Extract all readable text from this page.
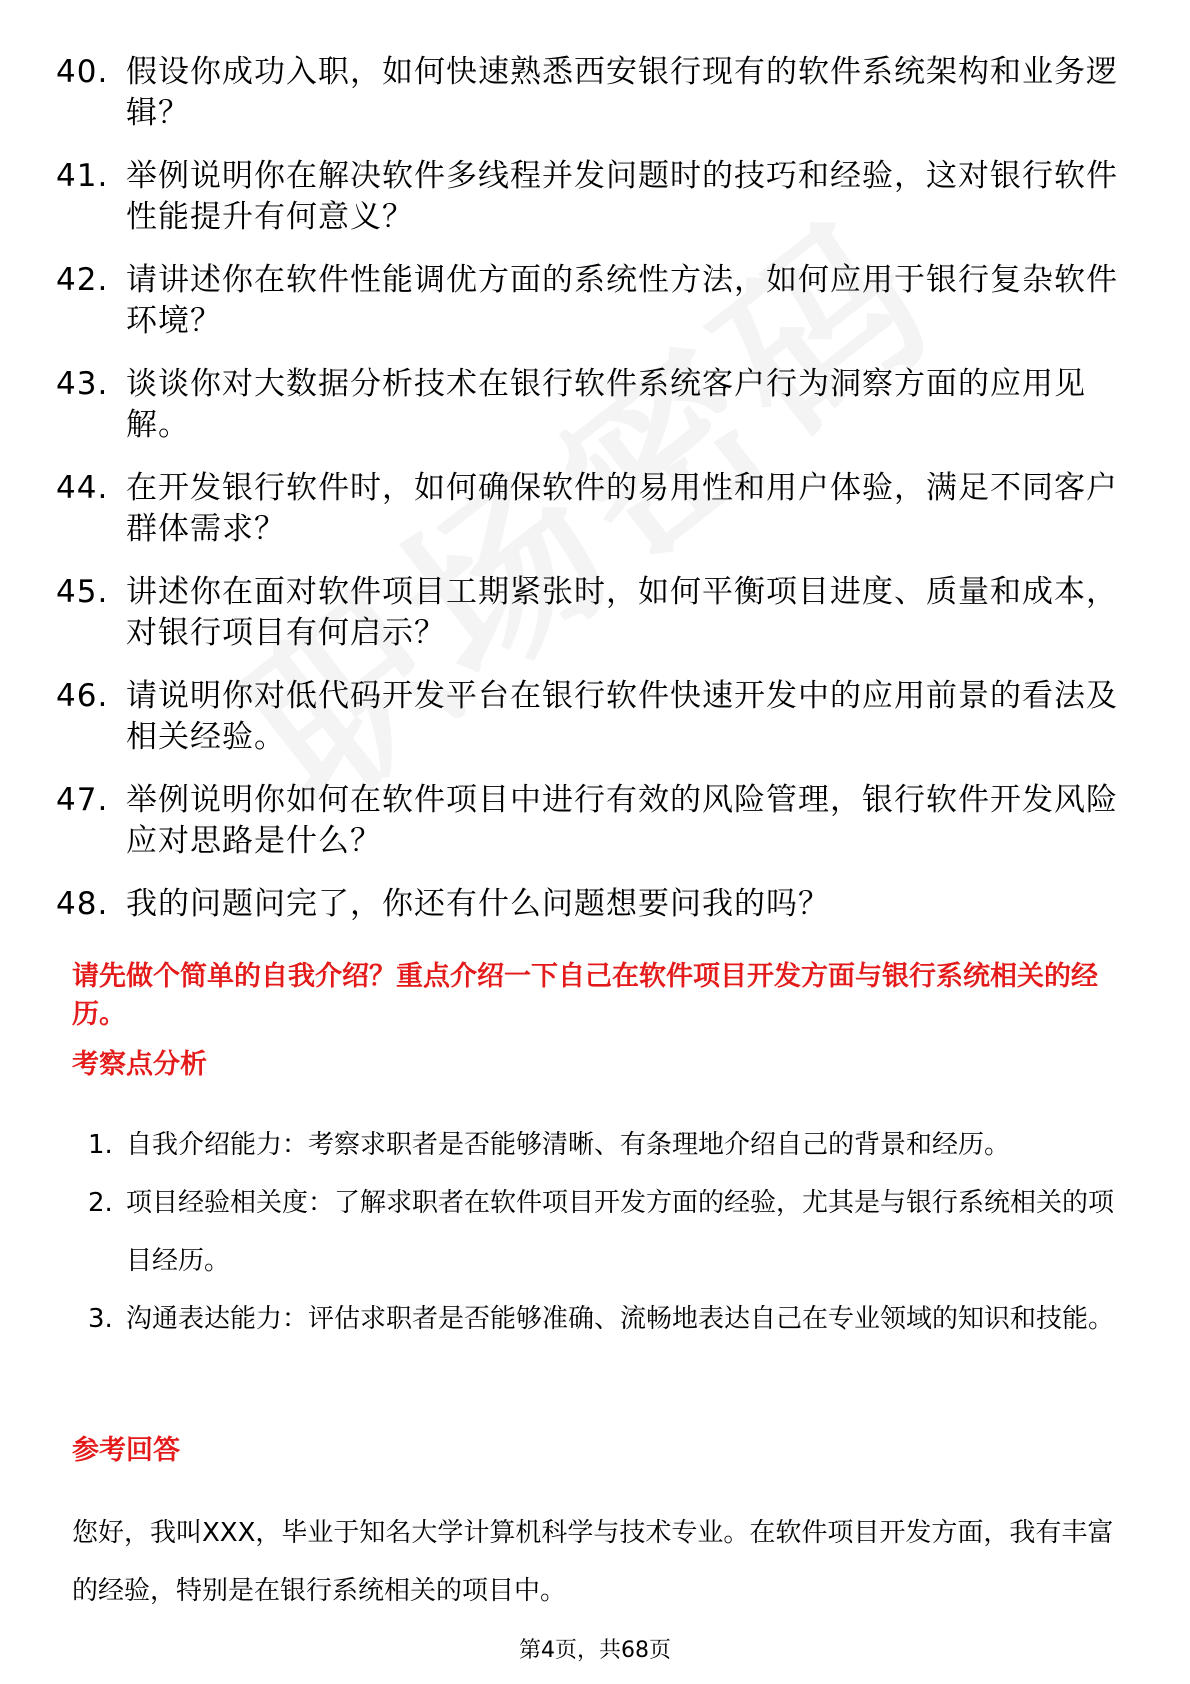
40. 假设你成功入职，如何快速熟悉西安银行现有的软件系统架构和业务逻辑？
41. 举例说明你在解决软件多线程并发问题时的技巧和经验，这对银行软件性能提升有何意义？
42. 请讲述你在软件性能调优方面的系统性方法，如何应用于银行复杂软件环境？
43. 谈谈你对大数据分析技术在银行软件系统客户行为洞察方面的应用见解。
44. 在开发银行软件时，如何确保软件的易用性和用户体验，满足不同客户群体需求？
45. 讲述你在面对软件项目工期紧张时，如何平衡项目进度、质量和成本，对银行项目有何启示？
46. 请说明你对低代码开发平台在银行软件快速开发中的应用前景的看法及相关经验。
47. 举例说明你如何在软件项目中进行有效的风险管理，银行软件开发风险应对思路是什么？
48. 我的问题问完了，你还有什么问题想要问我的吗？
请先做个简单的自我介绍？重点介绍一下自己在软件项目开发方面与银行系统相关的经历。
考察点分析
1. 自我介绍能力：考察求职者是否能够清晰、有条理地介绍自己的背景和经历。
2. 项目经验相关度：了解求职者在软件项目开发方面的经验，尤其是与银行系统相关的项目经历。
3. 沟通表达能力：评估求职者是否能够准确、流畅地表达自己在专业领域的知识和技能。
参考回答
您好，我叫XXX，毕业于知名大学计算机科学与技术专业。在软件项目开发方面，我有丰富的经验，特别是在银行系统相关的项目中。
第4页，共68页
